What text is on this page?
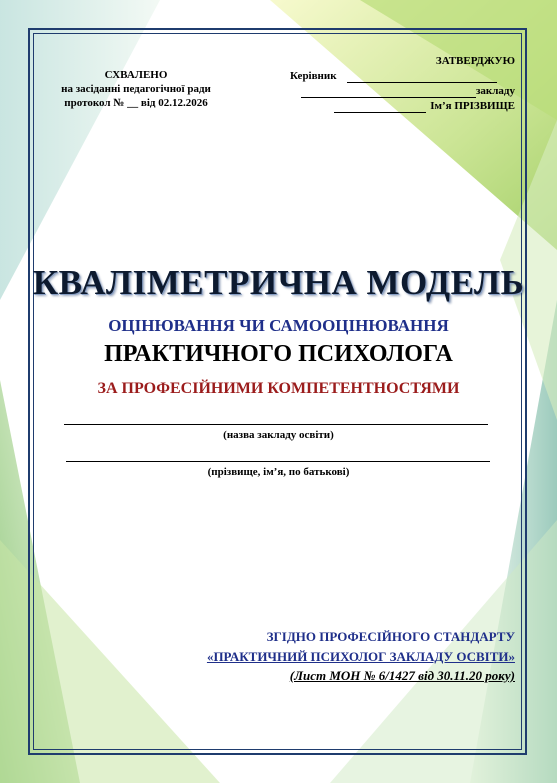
СХВАЛЕНО
на засіданні педагогічної ради
протокол № __ від 02.12.2026
ЗАТВЕРДЖУЮ
Керівник
закладу
Ім’я ПРІЗВИЩЕ
КВАЛІМЕТРИЧНА МОДЕЛЬ
ОЦІНЮВАННЯ ЧИ САМООЦІНЮВАННЯ
ПРАКТИЧНОГО ПСИХОЛОГА
ЗА ПРОФЕСІЙНИМИ КОМПЕТЕНТНОСТЯМИ
(назва закладу освіти)
(прізвище, ім’я, по батькові)
ЗГІДНО ПРОФЕСІЙНОГО СТАНДАРТУ
«ПРАКТИЧНИЙ ПСИХОЛОГ ЗАКЛАДУ ОСВІТИ»
(Лист МОН № 6/1427 від 30.11.20 року)
